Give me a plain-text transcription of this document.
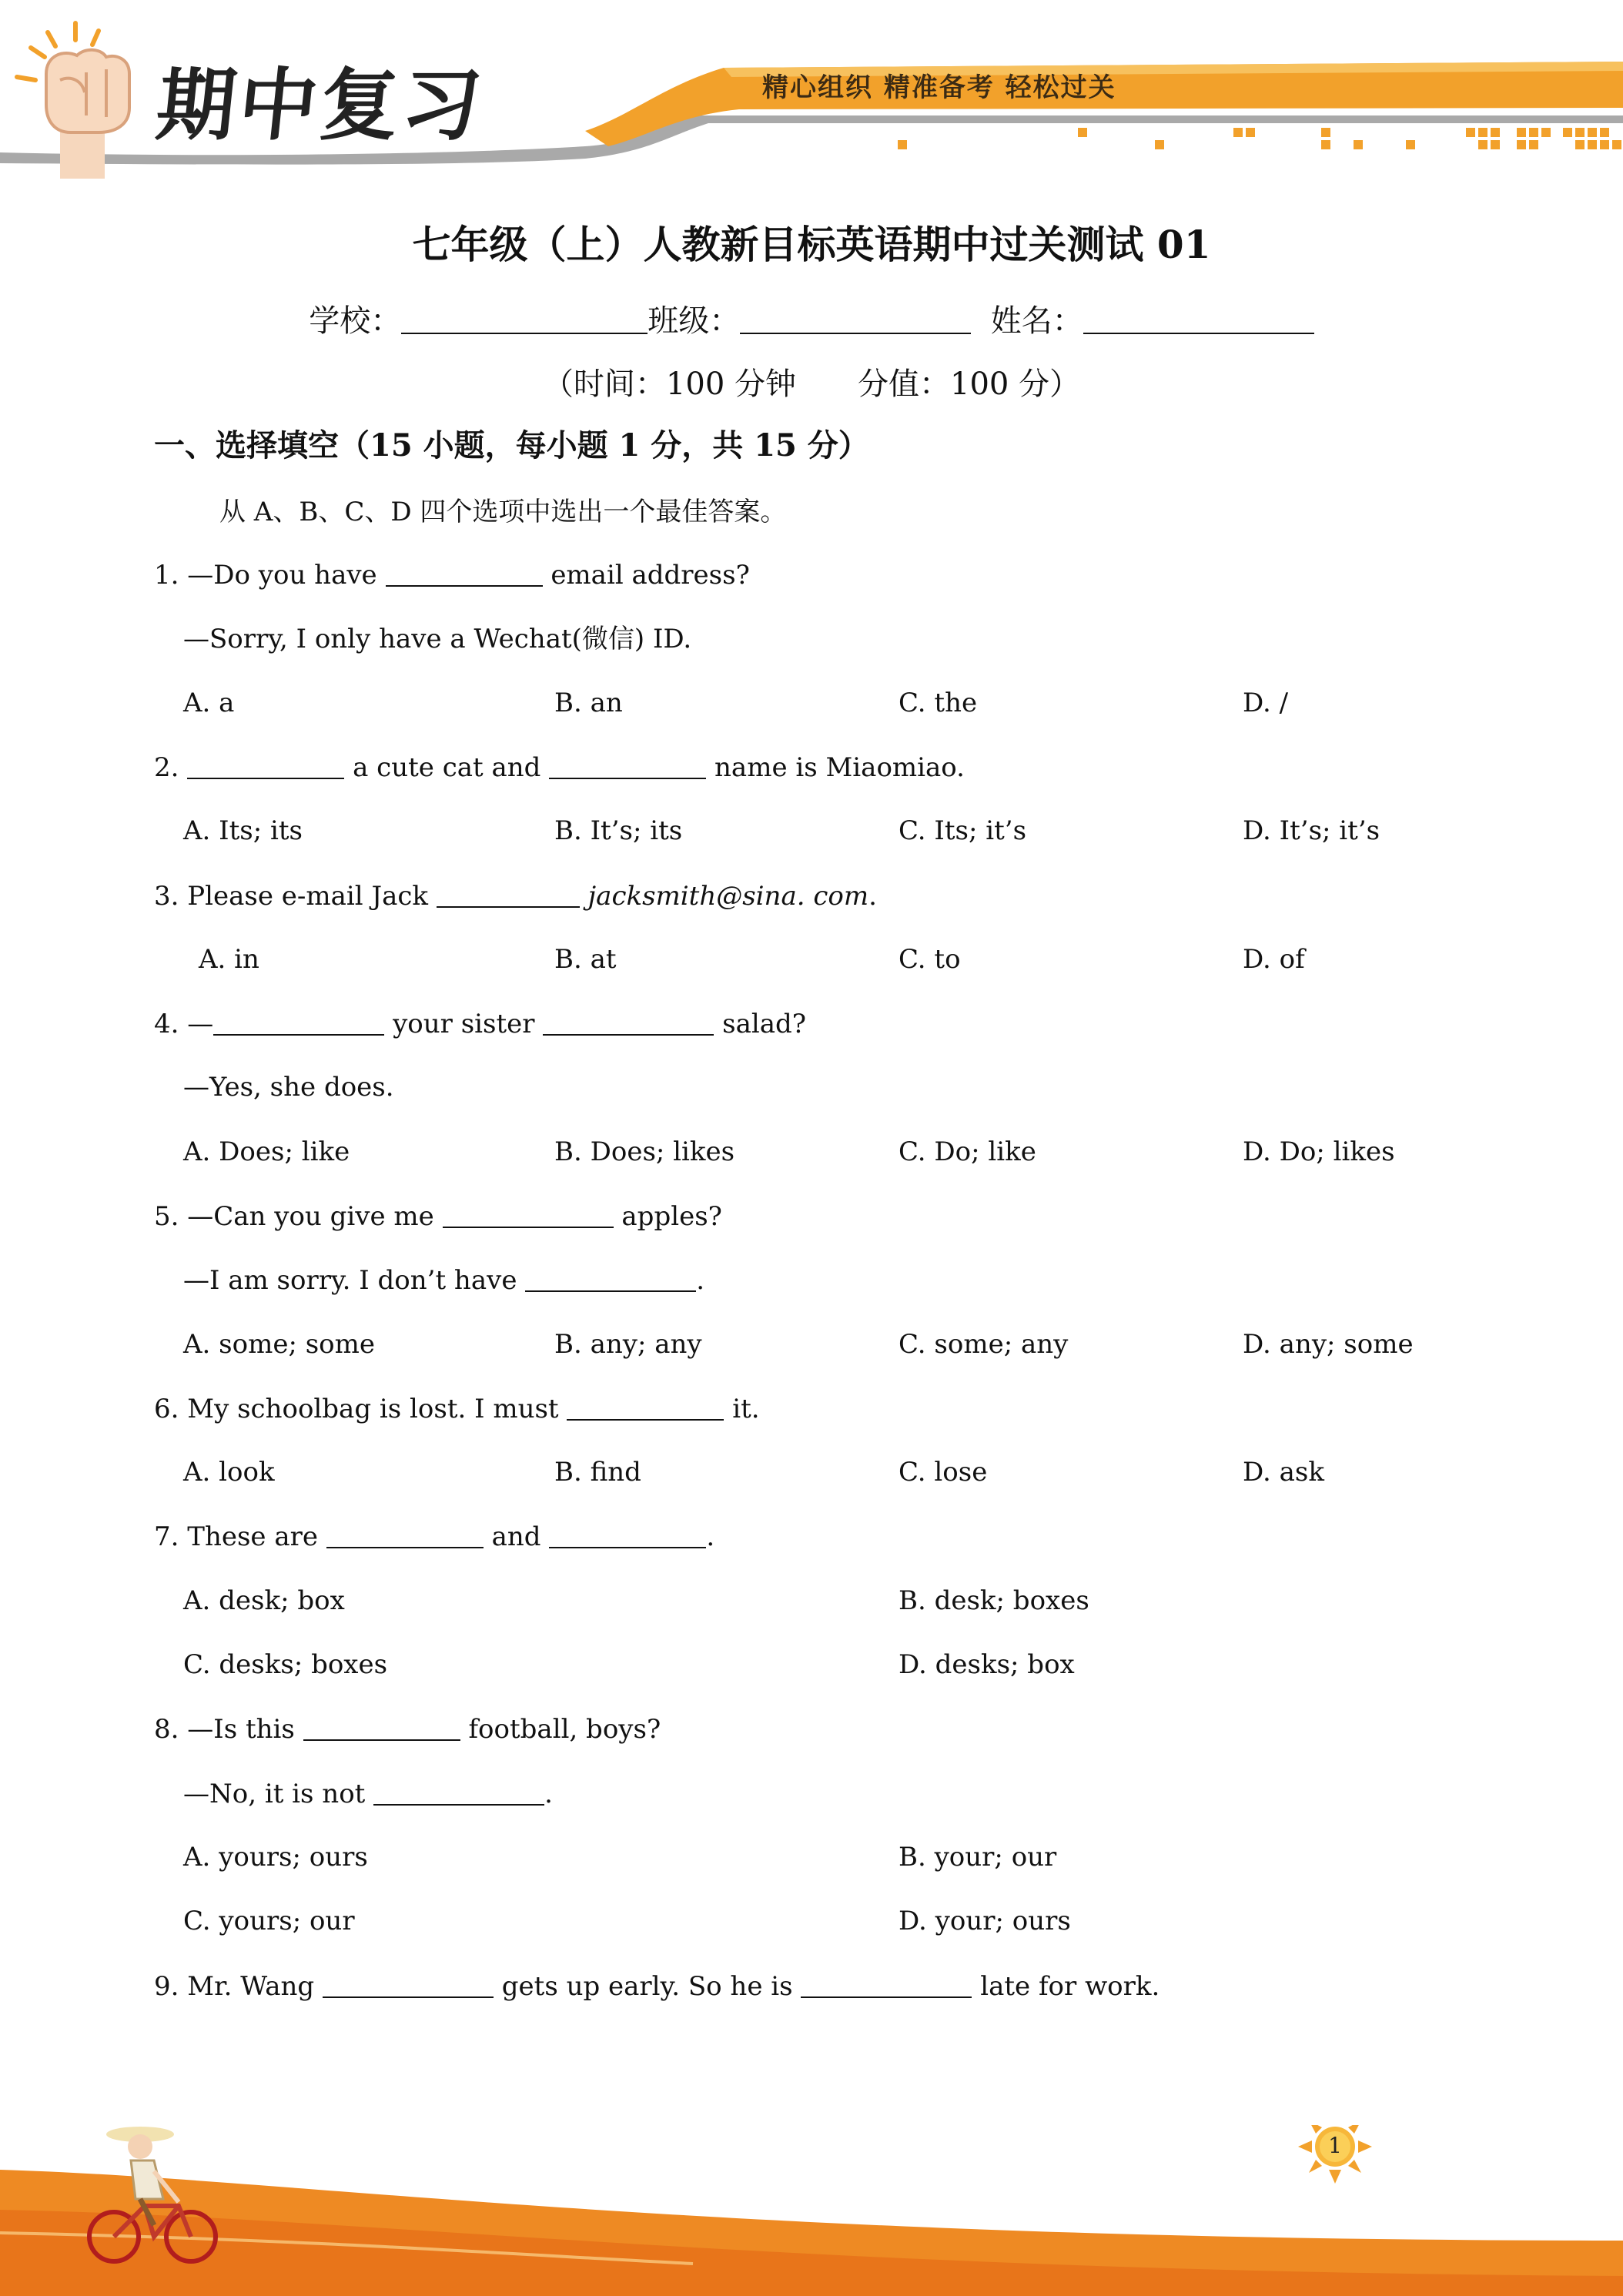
期中复习	精心组织 精准备考 轻松过关
七年级（上）人教新目标英语期中过关测试 01
学校：	班级：	姓名：
（时间：100 分钟 分值：100 分）
一、选择填空（15 小题，每小题 1 分，共 15 分）
从 A、B、C、D 四个选项中选出一个最佳答案。
1. —Do you have	email address?
—Sorry, I only have a Wechat(微信) ID.
A. a	B. an	C. the	D. /
2.	a cute cat and	name is Miaomiao.
A. Its; its	B. It’s; its	C. Its; it’s	D. It’s; it’s
3. Please e-mail Jack	jacksmith@sina. com.
A. in	B. at	C. to	D. of
4. —	your sister	salad?
—Yes, she does.
A. Does; like	B. Does; likes	C. Do; like	D. Do; likes
5. —Can you give me	apples?
—I am sorry. I don’t have	.
A. some; some	B. any; any	C. some; any	D. any; some
6. My schoolbag is lost. I must	it.
A. look	B. find	C. lose	D. ask
7. These are	and	.
A. desk; box	B. desk; boxes
C. desks; boxes	D. desks; box
8. —Is this	football, boys?
—No, it is not	.
A. yours; ours	B. your; our
C. yours; our	D. your; ours
9. Mr. Wang	gets up early. So he is	late for work.
1
